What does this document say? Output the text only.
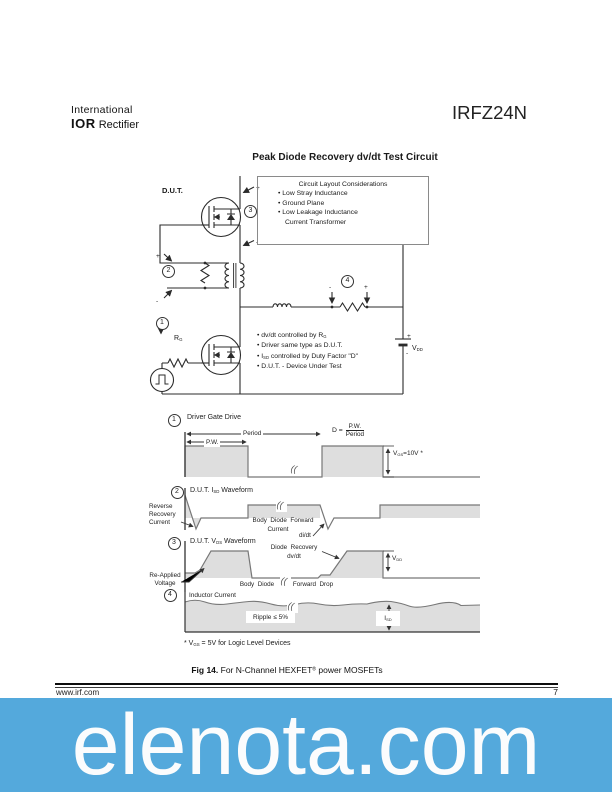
International
IOR Rectifier
IRFZ24N
Peak Diode Recovery dv/dt Test Circuit
+
-
+
-
-	+
+
-
D.U.T.
Circuit Layout Considerations
• Low Stray Inductance
• Ground Plane
• Low Leakage Inductance
Current Transformer
• dv/dt controlled by $R_G$
• Driver same type as D.U.T.
• $I_{SD}$ controlled by Duty Factor "D"
• D.U.T. - Device Under Test
$R_G$
$V_{DD}$
1
2
3
4
((
((
((
((
1	Driver Gate Drive
Period
P.W.
D =
P.W.
Period
$V_{GS}=10V$ *
2	D.U.T. $I_{SD}$ Waveform
Reverse
Recovery
Current	Body  Diode  Forward
Current
di/dt
3	D.U.T. $V_{DS}$ Waveform
Re-Applied
Voltage
Diode  Recovery
dv/dt
Body  Diode	Forward  Drop
$V_{DD}$
4	Inductor Current
Ripple ≤ 5%	$I_{SD}$
* $V_{GS} = 5V$ for Logic Level Devices
Fig 14. For N-Channel HEXFET® power MOSFETs
www.irf.com	7
elenota.com
